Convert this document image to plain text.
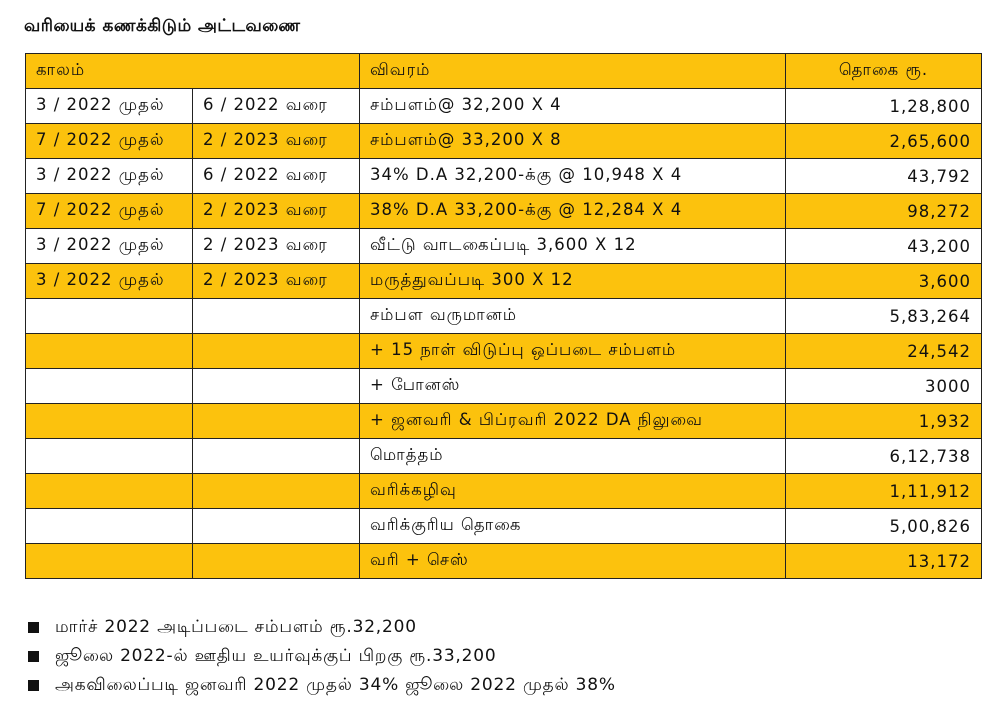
வரியைக் கணக்கிடும் அட்டவணை
காலம்		விவரம்	தொகை ரூ.
3 / 2022 முதல்	6 / 2022 வரை	சம்பளம்@ 32,200 X 4	1,28,800
7 / 2022 முதல்	2 / 2023 வரை	சம்பளம்@ 33,200 X 8	2,65,600
3 / 2022 முதல்	6 / 2022 வரை	34% D.A 32,200-க்கு @ 10,948 X 4	43,792
7 / 2022 முதல்	2 / 2023 வரை	38% D.A 33,200-க்கு @ 12,284 X 4	98,272
3 / 2022 முதல்	2 / 2023 வரை	வீட்டு வாடகைப்படி 3,600 X 12	43,200
3 / 2022 முதல்	2 / 2023 வரை	மருத்துவப்படி 300 X 12	3,600
		சம்பள வருமானம்	5,83,264
		+ 15 நாள் விடுப்பு ஒப்படை சம்பளம்	24,542
		+ போனஸ்	3000
		+ ஜனவரி & பிப்ரவரி 2022 DA நிலுவை	1,932
		மொத்தம்	6,12,738
		வரிக்கழிவு	1,11,912
		வரிக்குரிய தொகை	5,00,826
		வரி + செஸ்	13,172
மார்ச் 2022 அடிப்படை சம்பளம் ரூ.32,200
ஜூலை 2022-ல் ஊதிய உயர்வுக்குப் பிறகு ரூ.33,200
அகவிலைப்படி ஜனவரி 2022 முதல் 34% ஜூலை 2022 முதல் 38%
